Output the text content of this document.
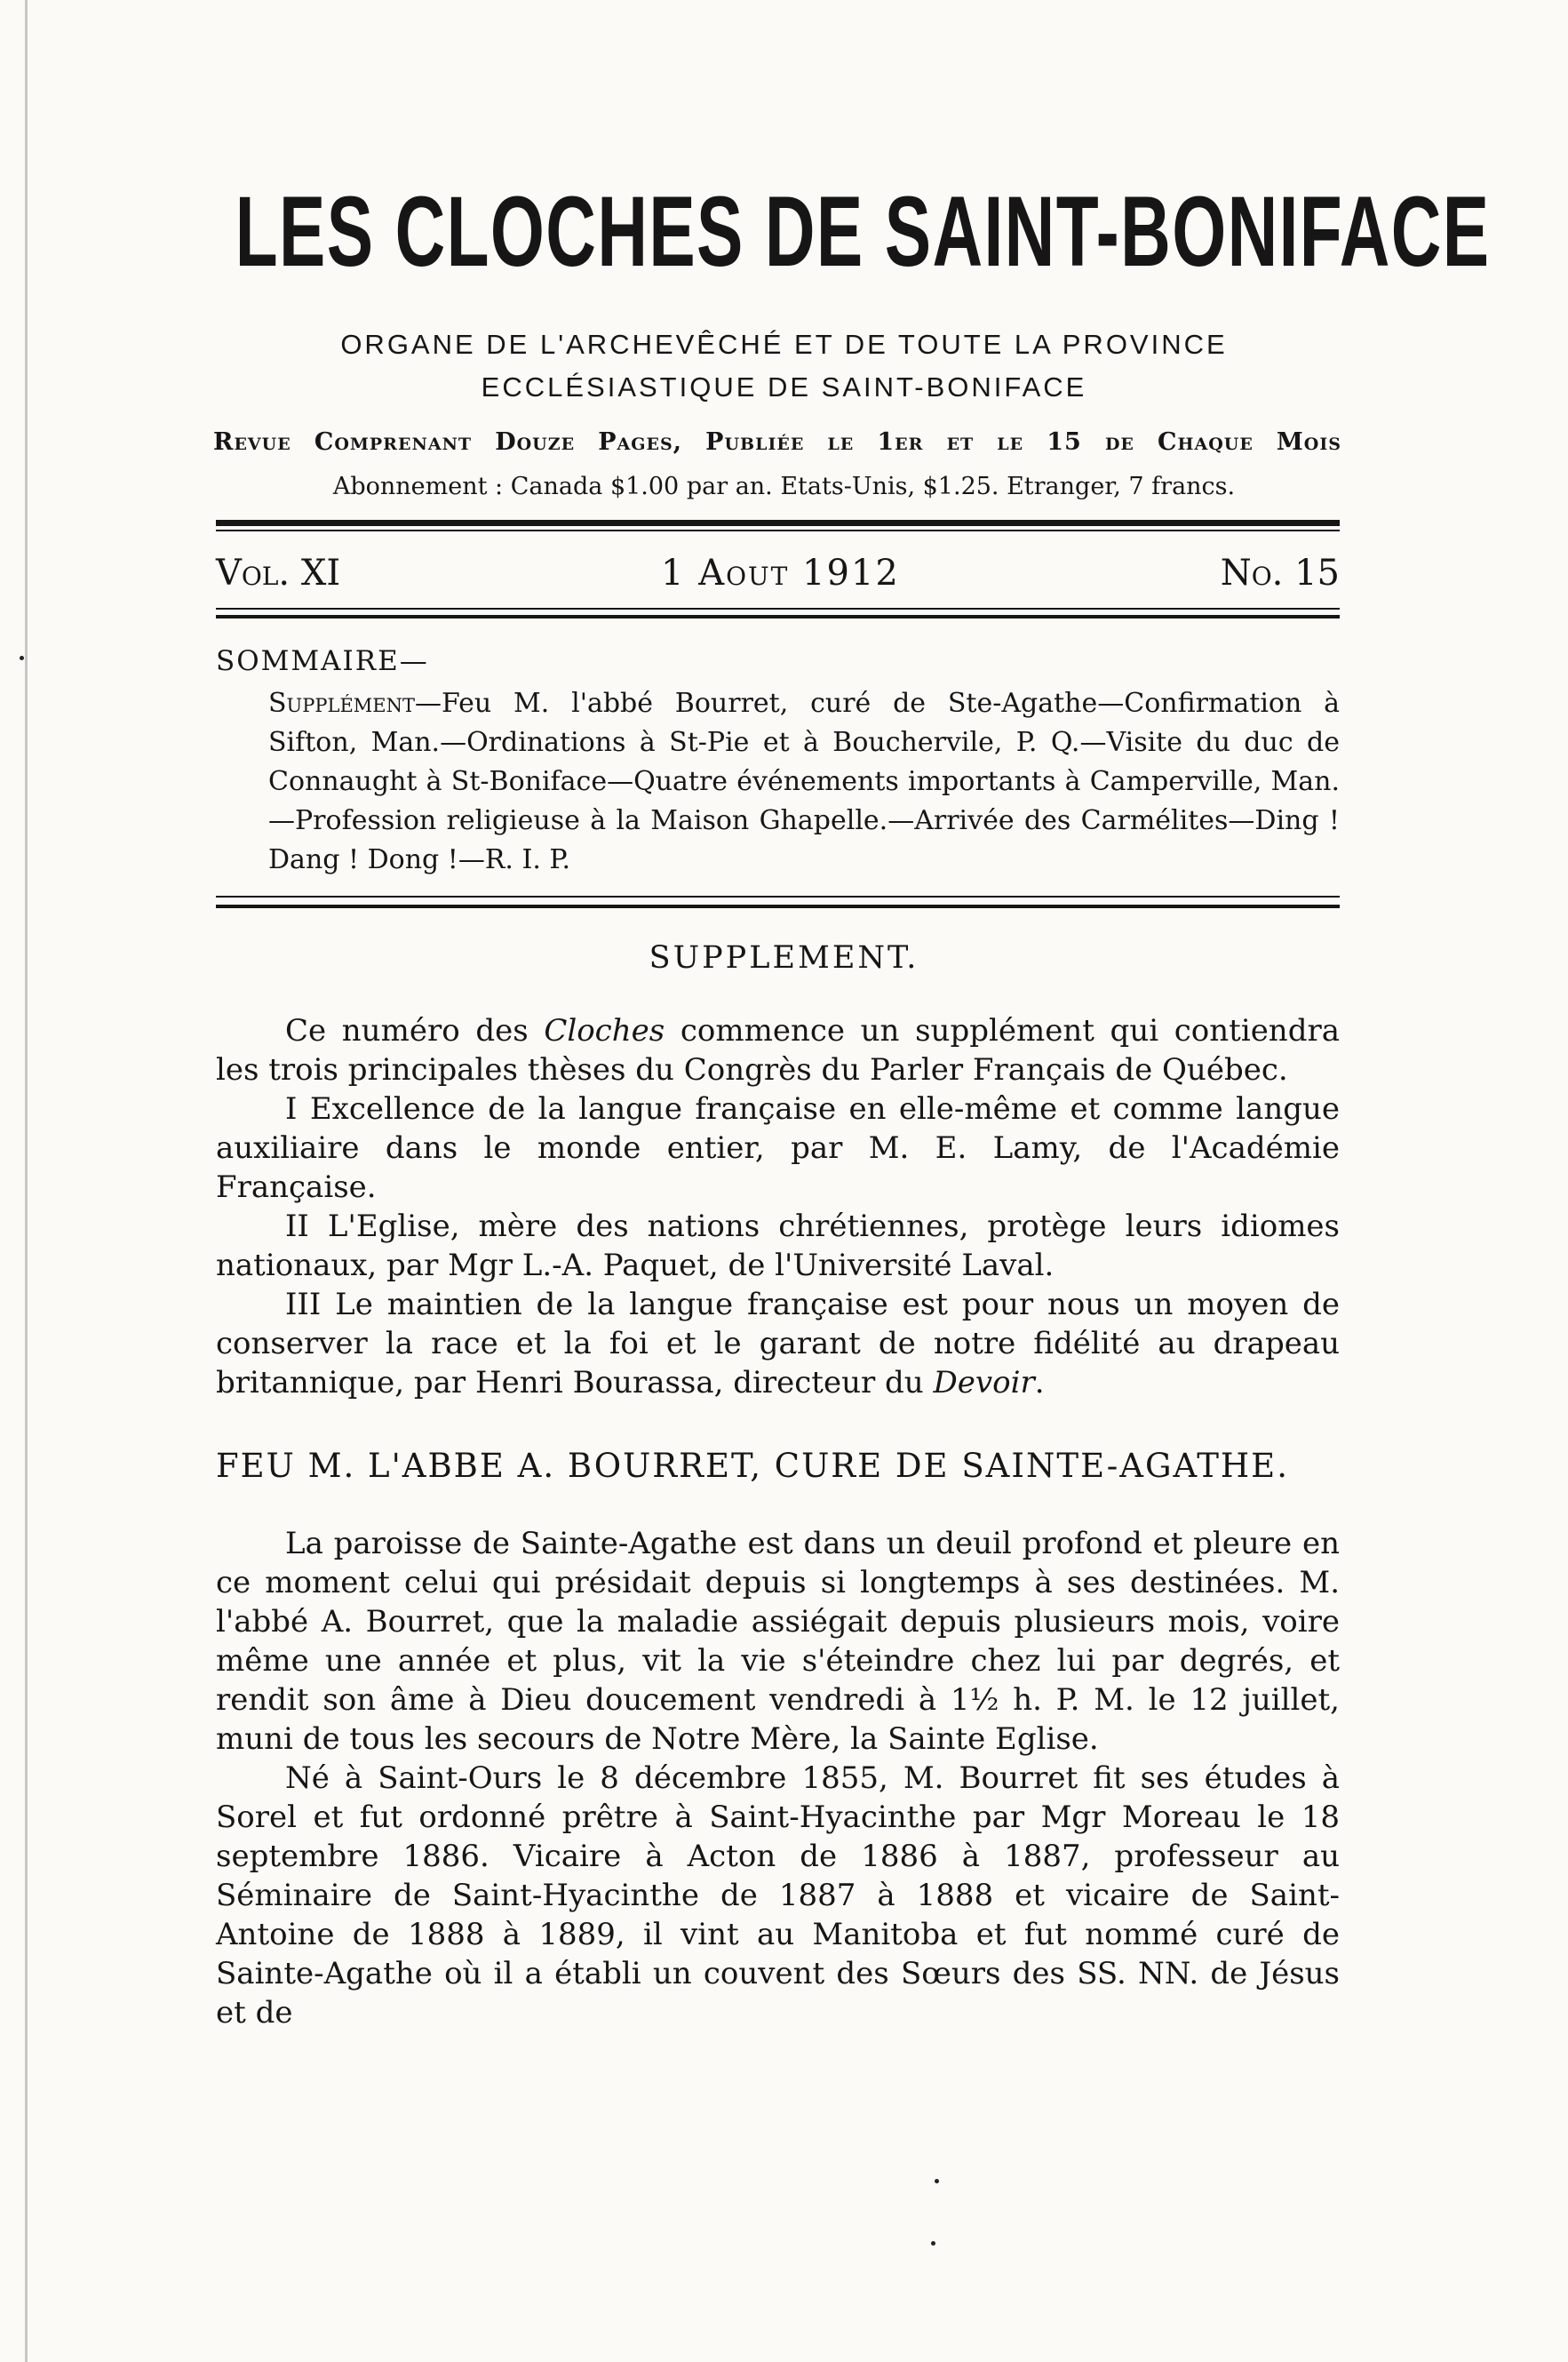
LES CLOCHES DE SAINT-BONIFACE
ORGANE DE L'ARCHEVÊCHÉ ET DE TOUTE LA PROVINCE
ECCLÉSIASTIQUE DE SAINT-BONIFACE
Revue Comprenant Douze Pages, Publiée le 1er et le 15 de Chaque Mois
Abonnement : Canada $1.00 par an. Etats-Unis, $1.25. Etranger, 7 francs.
Vol. XI	1 Aout 1912	No. 15
SOMMAIRE—
Supplément—Feu M. l'abbé Bourret, curé de Ste-Agathe—Confirmation à Sifton, Man.—Ordinations à St-Pie et à Bouchervile, P. Q.—Visite du duc de Connaught à St-Boniface—Quatre événements importants à Camperville, Man.—Profession religieuse à la Maison Ghapelle.—Arrivée des Carmélites—Ding ! Dang ! Dong !—R. I. P.
SUPPLEMENT.

Ce numéro des Cloches commence un supplément qui contiendra les trois principales thèses du Congrès du Parler Français de Québec.

I Excellence de la langue française en elle-même et comme langue auxiliaire dans le monde entier, par M. E. Lamy, de l'Académie Française.

II L'Eglise, mère des nations chrétiennes, protège leurs idiomes nationaux, par Mgr L.-A. Paquet, de l'Université Laval.

III Le maintien de la langue française est pour nous un moyen de conserver la race et la foi et le garant de notre fidélité au drapeau britannique, par Henri Bourassa, directeur du Devoir.

FEU M. L'ABBE A. BOURRET, CURE DE SAINTE-AGATHE.

La paroisse de Sainte-Agathe est dans un deuil profond et pleure en ce moment celui qui présidait depuis si longtemps à ses destinées. M. l'abbé A. Bourret, que la maladie assiégait depuis plusieurs mois, voire même une année et plus, vit la vie s'éteindre chez lui par degrés, et rendit son âme à Dieu doucement vendredi à 1½ h. P. M. le 12 juillet, muni de tous les secours de Notre Mère, la Sainte Eglise.

Né à Saint-Ours le 8 décembre 1855, M. Bourret fit ses études à Sorel et fut ordonné prêtre à Saint-Hyacinthe par Mgr Moreau le 18 septembre 1886. Vicaire à Acton de 1886 à 1887, professeur au Séminaire de Saint-Hyacinthe de 1887 à 1888 et vicaire de Saint-Antoine de 1888 à 1889, il vint au Manitoba et fut nommé curé de Sainte-Agathe où il a établi un couvent des Sœurs des SS. NN. de Jésus et de
